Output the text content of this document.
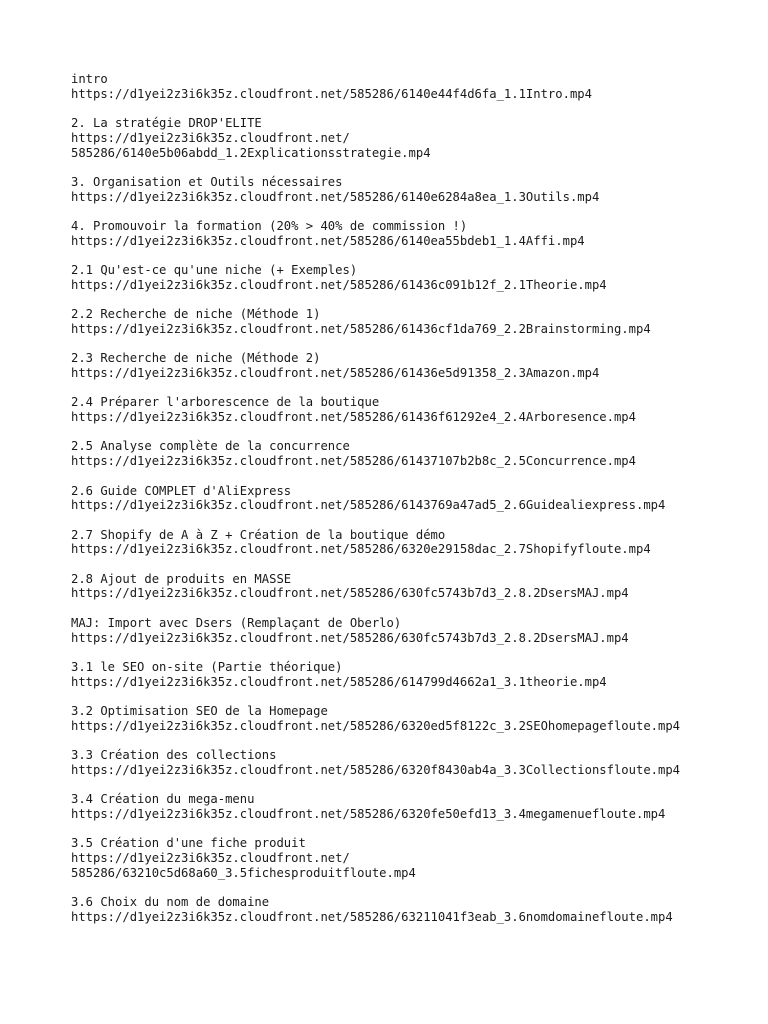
intro
https://d1yei2z3i6k35z.cloudfront.net/585286/6140e44f4d6fa_1.1Intro.mp4
2. La stratégie DROP'ELITE
https://d1yei2z3i6k35z.cloudfront.net/
585286/6140e5b06abdd_1.2Explicationsstrategie.mp4
3. Organisation et Outils nécessaires
https://d1yei2z3i6k35z.cloudfront.net/585286/6140e6284a8ea_1.3Outils.mp4
4. Promouvoir la formation (20% > 40% de commission !)
https://d1yei2z3i6k35z.cloudfront.net/585286/6140ea55bdeb1_1.4Affi.mp4
2.1 Qu'est-ce qu'une niche (+ Exemples)
https://d1yei2z3i6k35z.cloudfront.net/585286/61436c091b12f_2.1Theorie.mp4
2.2 Recherche de niche (Méthode 1)
https://d1yei2z3i6k35z.cloudfront.net/585286/61436cf1da769_2.2Brainstorming.mp4
2.3 Recherche de niche (Méthode 2)
https://d1yei2z3i6k35z.cloudfront.net/585286/61436e5d91358_2.3Amazon.mp4
2.4 Préparer l'arborescence de la boutique
https://d1yei2z3i6k35z.cloudfront.net/585286/61436f61292e4_2.4Arboresence.mp4
2.5 Analyse complète de la concurrence
https://d1yei2z3i6k35z.cloudfront.net/585286/61437107b2b8c_2.5Concurrence.mp4
2.6 Guide COMPLET d'AliExpress
https://d1yei2z3i6k35z.cloudfront.net/585286/6143769a47ad5_2.6Guidealiexpress.mp4
2.7 Shopify de A à Z + Création de la boutique démo
https://d1yei2z3i6k35z.cloudfront.net/585286/6320e29158dac_2.7Shopifyfloute.mp4
2.8 Ajout de produits en MASSE
https://d1yei2z3i6k35z.cloudfront.net/585286/630fc5743b7d3_2.8.2DsersMAJ.mp4
MAJ: Import avec Dsers (Remplaçant de Oberlo)
https://d1yei2z3i6k35z.cloudfront.net/585286/630fc5743b7d3_2.8.2DsersMAJ.mp4
3.1 le SEO on-site (Partie théorique)
https://d1yei2z3i6k35z.cloudfront.net/585286/614799d4662a1_3.1theorie.mp4
3.2 Optimisation SEO de la Homepage
https://d1yei2z3i6k35z.cloudfront.net/585286/6320ed5f8122c_3.2SEOhomepagefloute.mp4
3.3 Création des collections
https://d1yei2z3i6k35z.cloudfront.net/585286/6320f8430ab4a_3.3Collectionsfloute.mp4
3.4 Création du mega-menu
https://d1yei2z3i6k35z.cloudfront.net/585286/6320fe50efd13_3.4megamenuefloute.mp4
3.5 Création d'une fiche produit
https://d1yei2z3i6k35z.cloudfront.net/
585286/63210c5d68a60_3.5fichesproduitfloute.mp4
3.6 Choix du nom de domaine
https://d1yei2z3i6k35z.cloudfront.net/585286/63211041f3eab_3.6nomdomainefloute.mp4
